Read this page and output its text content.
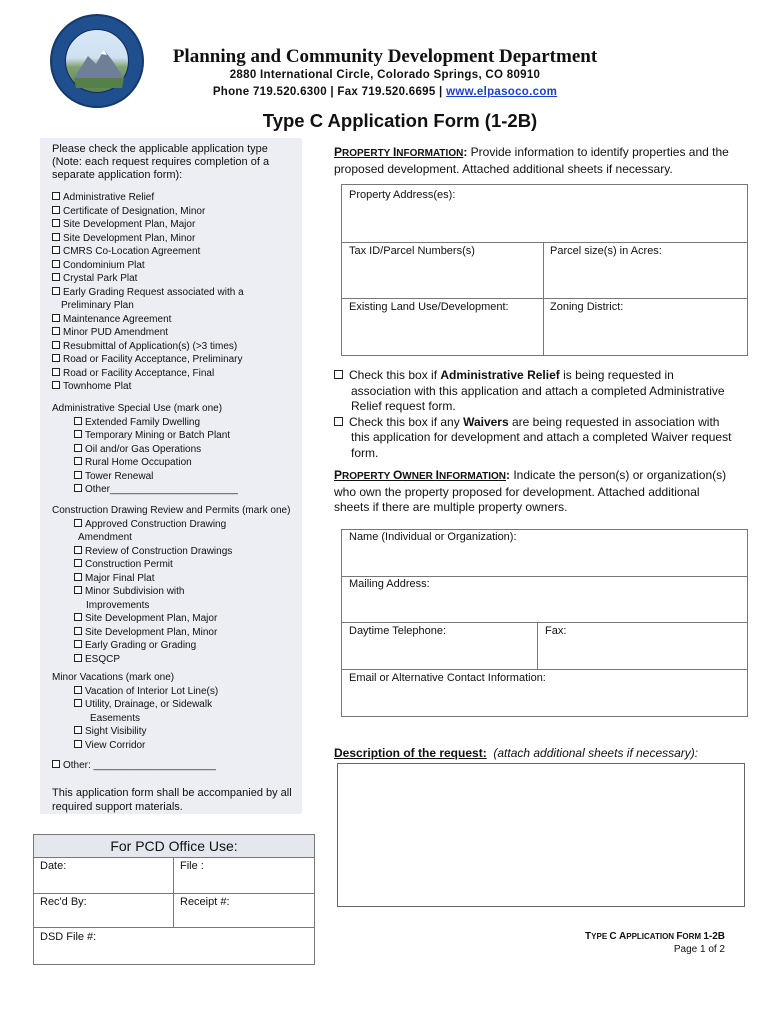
Planning and Community Development Department
2880 International Circle, Colorado Springs, CO 80910
Phone 719.520.6300 | Fax 719.520.6695 | www.elpasoco.com
Type C Application Form (1-2B)
Please check the applicable application type (Note: each request requires completion of a separate application form):
Administrative Relief
Certificate of Designation, Minor
Site Development Plan, Major
Site Development Plan, Minor
CMRS Co-Location Agreement
Condominium Plat
Crystal Park Plat
Early Grading Request associated with a
Preliminary Plan
Maintenance Agreement
Minor PUD Amendment
Resubmittal of Application(s) (>3 times)
Road or Facility Acceptance, Preliminary
Road or Facility Acceptance, Final
Townhome Plat
Administrative Special Use (mark one)
Extended Family Dwelling
Temporary Mining or Batch Plant
Oil and/or Gas Operations
Rural Home Occupation
Tower Renewal
Other_______________________
Construction Drawing Review and Permits (mark one)
Approved Construction Drawing
Amendment
Review of Construction Drawings
Construction Permit
Major Final Plat
Minor Subdivision with
Improvements
Site Development Plan, Major
Site Development Plan, Minor
Early Grading or Grading
ESQCP
Minor Vacations (mark one)
Vacation of Interior Lot Line(s)
Utility, Drainage, or Sidewalk
Easements
Sight Visibility
View Corridor
Other: ______________________
This application form shall be accompanied by all required support materials.
For PCD Office Use:
Date:	File :
Rec'd By:	Receipt #:
DSD File #:
PROPERTY INFORMATION: Provide information to identify properties and the proposed development. Attached additional sheets if necessary.
Property Address(es):
Tax ID/Parcel Numbers(s)	Parcel size(s) in Acres:
Existing Land Use/Development:	Zoning District:
Check this box if Administrative Relief is being requested in association with this application and attach a completed Administrative Relief request form.
Check this box if any Waivers are being requested in association with this application for development and attach a completed Waiver request form.
PROPERTY OWNER INFORMATION: Indicate the person(s) or organization(s) who own the property proposed for development. Attached additional sheets if there are multiple property owners.
Name (Individual or Organization):
Mailing Address:
Daytime Telephone:	Fax:
Email or Alternative Contact Information:
Description of the request: (attach additional sheets if necessary):
TYPE C APPLICATION FORM 1-2B
Page 1 of 2
